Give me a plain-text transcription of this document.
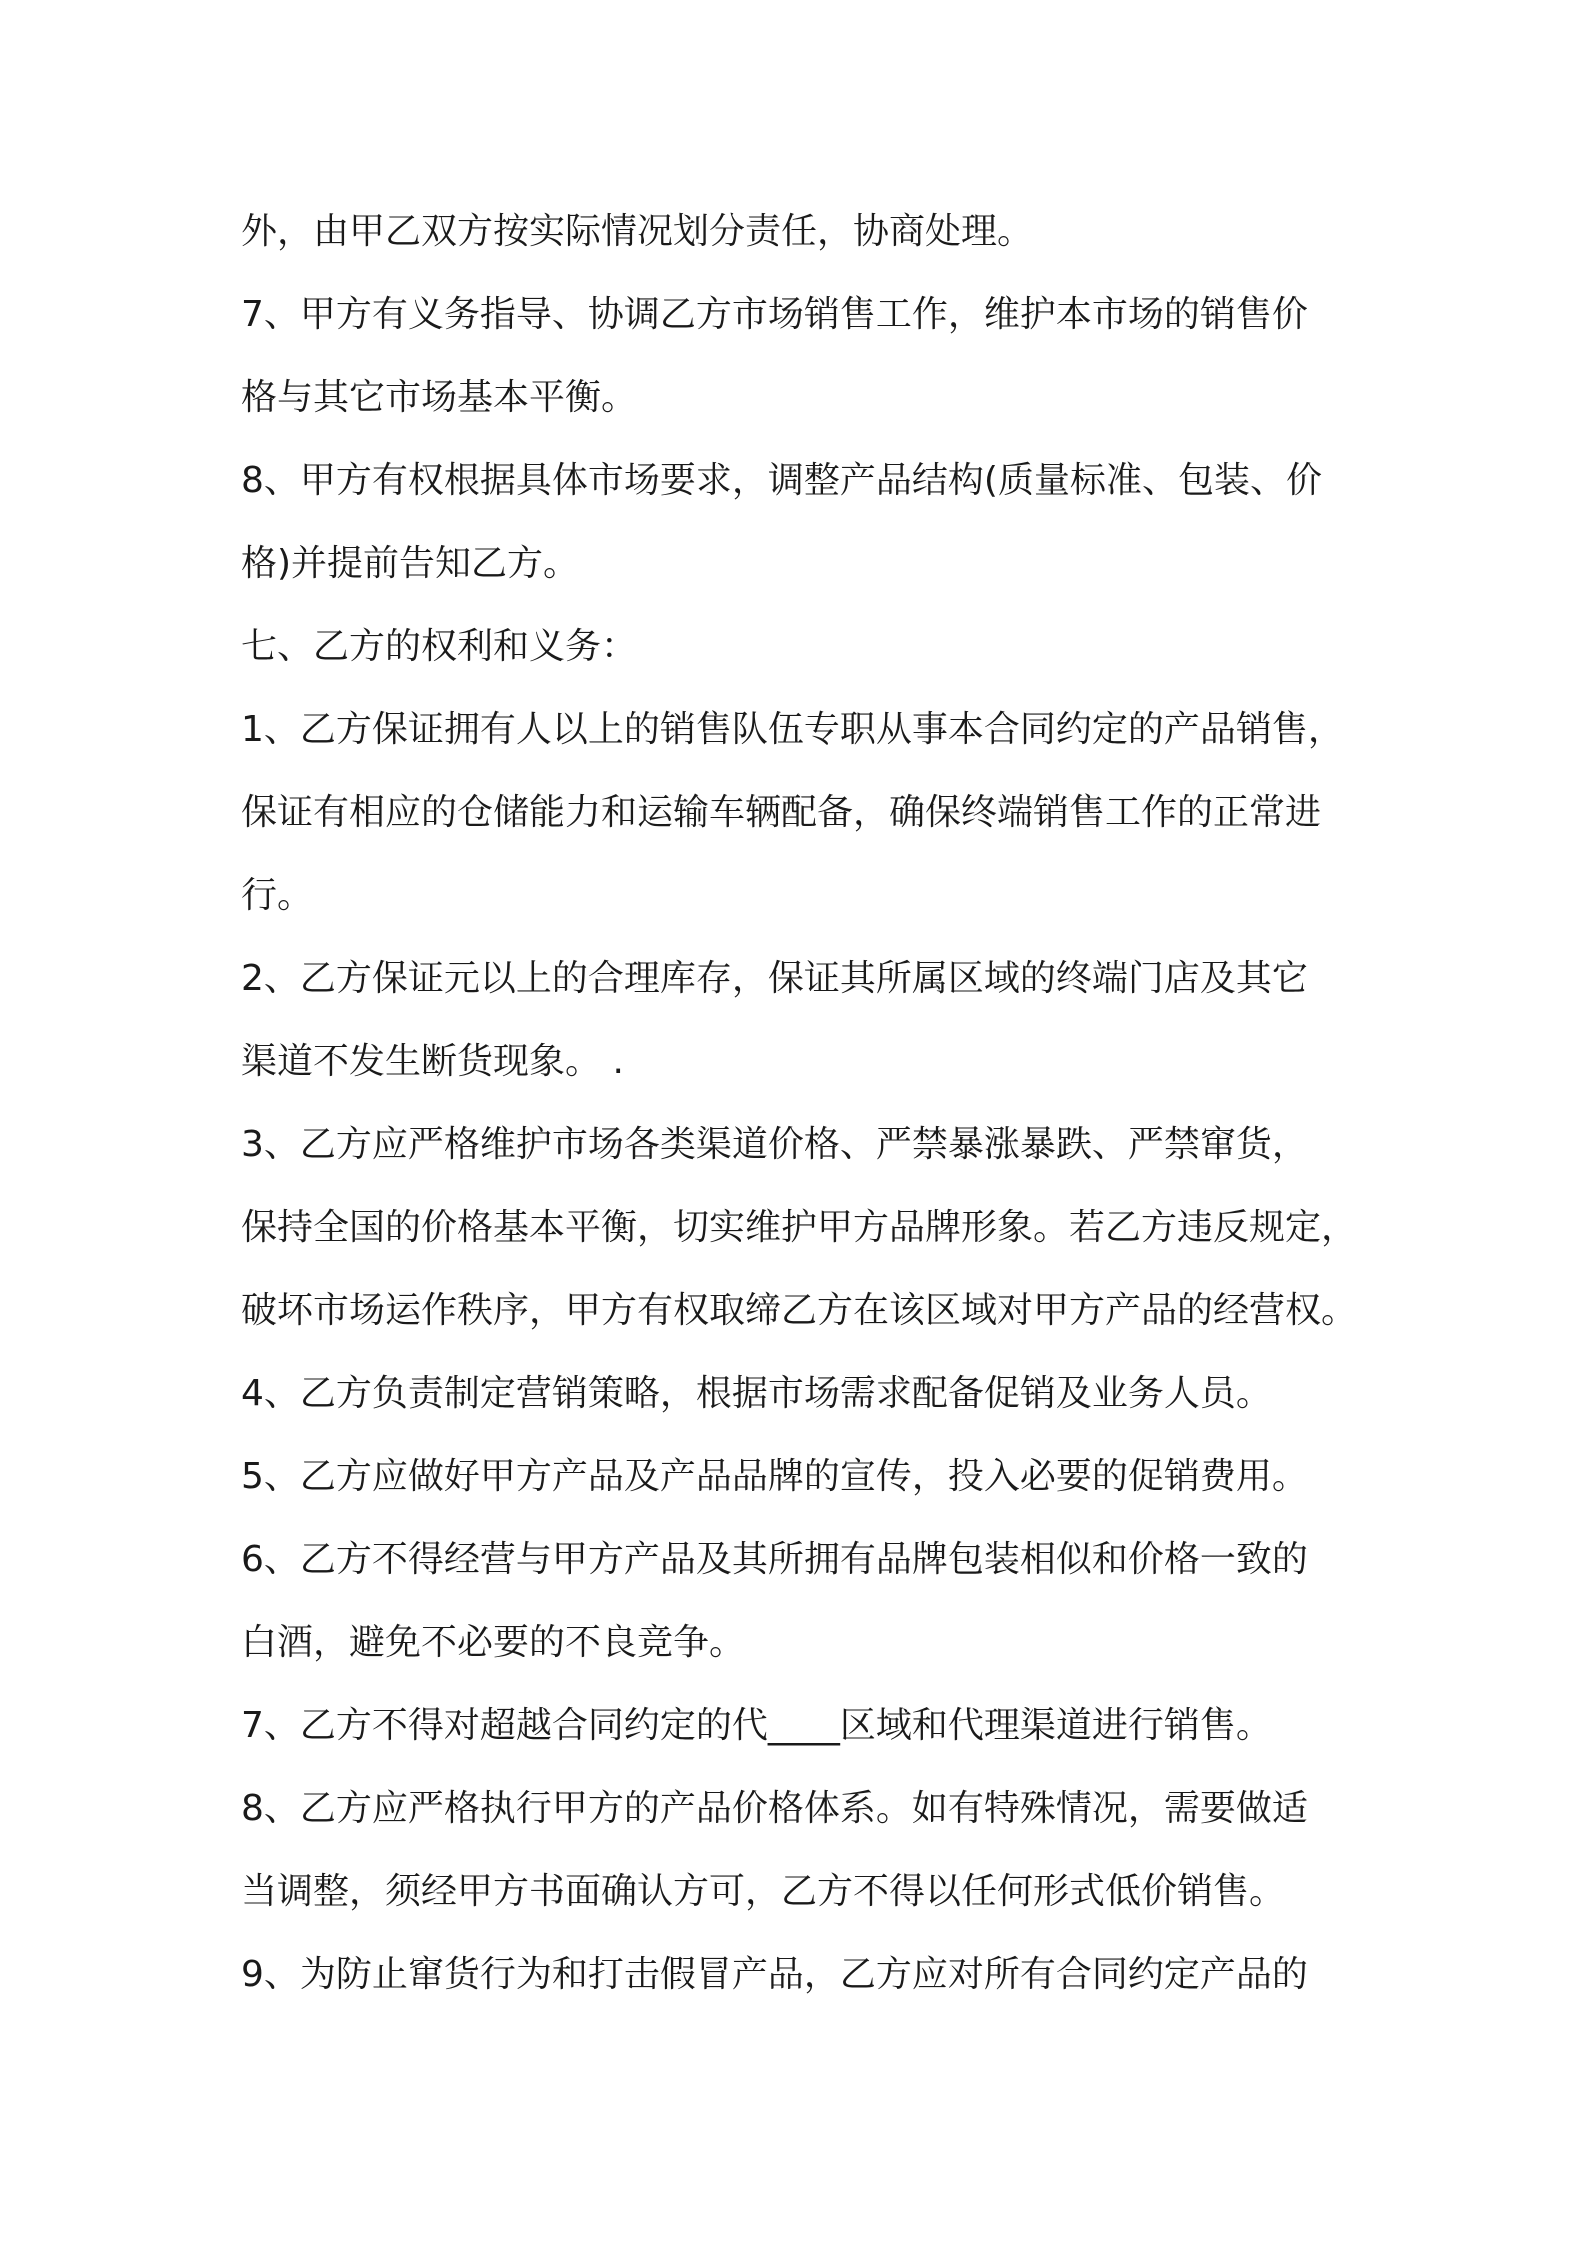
外，由甲乙双方按实际情况划分责任，协商处理。
7、甲方有义务指导、协调乙方市场销售工作，维护本市场的销售价
格与其它市场基本平衡。
8、甲方有权根据具体市场要求，调整产品结构(质量标准、包装、价
格)并提前告知乙方。
七、乙方的权利和义务：
1、乙方保证拥有人以上的销售队伍专职从事本合同约定的产品销售，
保证有相应的仓储能力和运输车辆配备，确保终端销售工作的正常进
行。
2、乙方保证元以上的合理库存，保证其所属区域的终端门店及其它
渠道不发生断货现象。 .
3、乙方应严格维护市场各类渠道价格、严禁暴涨暴跌、严禁窜货，
保持全国的价格基本平衡，切实维护甲方品牌形象。若乙方违反规定，
破坏市场运作秩序，甲方有权取缔乙方在该区域对甲方产品的经营权。
4、乙方负责制定营销策略，根据市场需求配备促销及业务人员。
5、乙方应做好甲方产品及产品品牌的宣传，投入必要的促销费用。
6、乙方不得经营与甲方产品及其所拥有品牌包装相似和价格一致的
白酒，避免不必要的不良竞争。
7、乙方不得对超越合同约定的代____区域和代理渠道进行销售。
8、乙方应严格执行甲方的产品价格体系。如有特殊情况，需要做适
当调整，须经甲方书面确认方可，乙方不得以任何形式低价销售。
9、为防止窜货行为和打击假冒产品，乙方应对所有合同约定产品的
